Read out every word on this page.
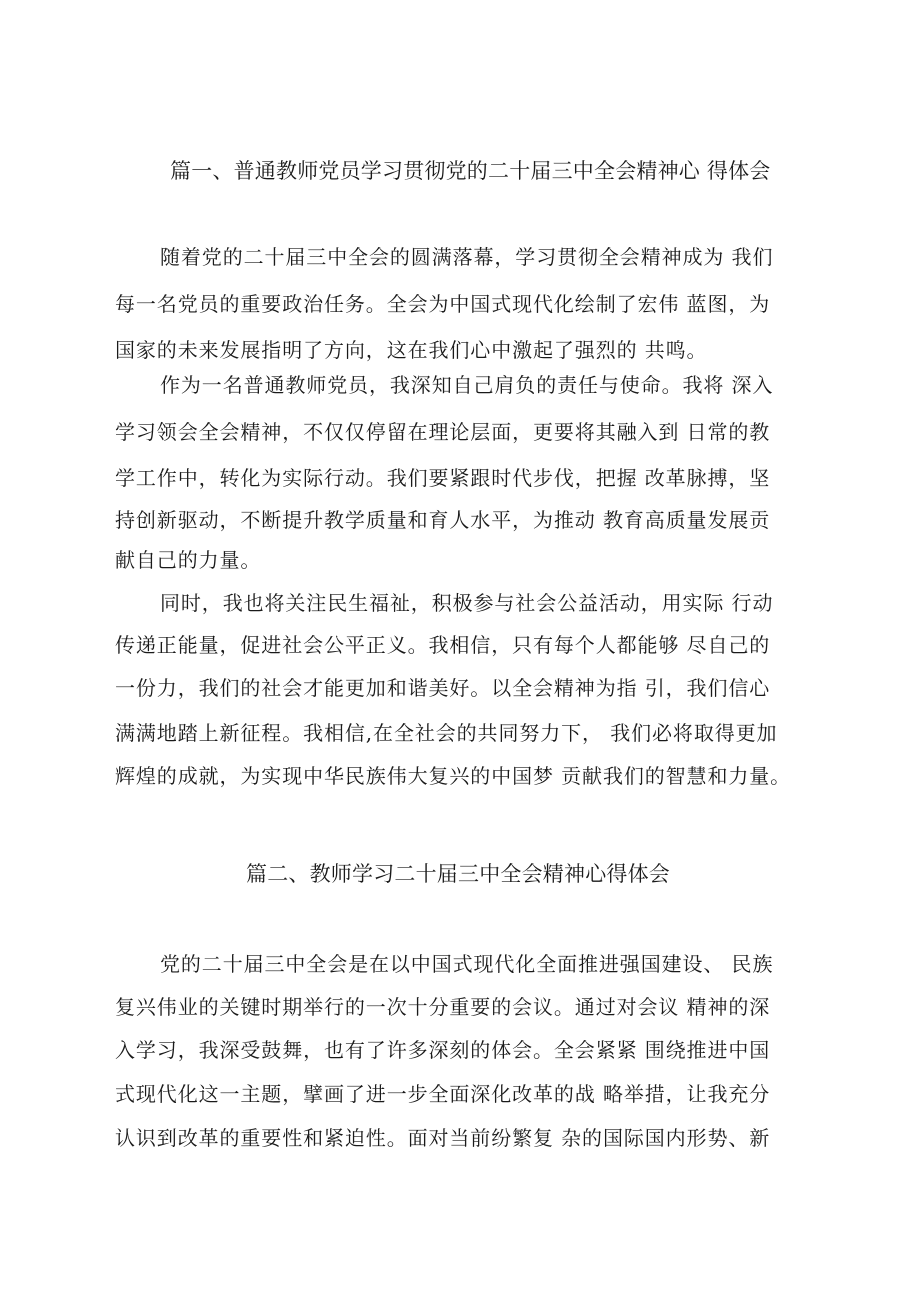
篇一、普通教师党员学习贯彻党的二十届三中全会精神心 得体会

随着党的二十届三中全会的圆满落幕，学习贯彻全会精神成为 我们

每一名党员的重要政治任务。全会为中国式现代化绘制了宏伟 蓝图，为

国家的未来发展指明了方向，这在我们心中激起了强烈的 共鸣。

作为一名普通教师党员，我深知自己肩负的责任与使命。我将 深入

学习领会全会精神，不仅仅停留在理论层面，更要将其融入到 日常的教

学工作中，转化为实际行动。我们要紧跟时代步伐，把握 改革脉搏，坚

持创新驱动，不断提升教学质量和育人水平，为推动 教育高质量发展贡

献自己的力量。

同时，我也将关注民生福祉，积极参与社会公益活动，用实际 行动

传递正能量，促进社会公平正义。我相信，只有每个人都能够 尽自己的

一份力，我们的社会才能更加和谐美好。以全会精神为指 引，我们信心

满满地踏上新征程。我相信,在全社会的共同努力下， 我们必将取得更加

辉煌的成就，为实现中华民族伟大复兴的中国梦 贡献我们的智慧和力量。

篇二、教师学习二十届三中全会精神心得体会

党的二十届三中全会是在以中国式现代化全面推进强国建设、 民族

复兴伟业的关键时期举行的一次十分重要的会议。通过对会议 精神的深

入学习，我深受鼓舞，也有了许多深刻的体会。全会紧紧 围绕推进中国

式现代化这一主题，擘画了进一步全面深化改革的战 略举措，让我充分

认识到改革的重要性和紧迫性。面对当前纷繁复 杂的国际国内形势、新
